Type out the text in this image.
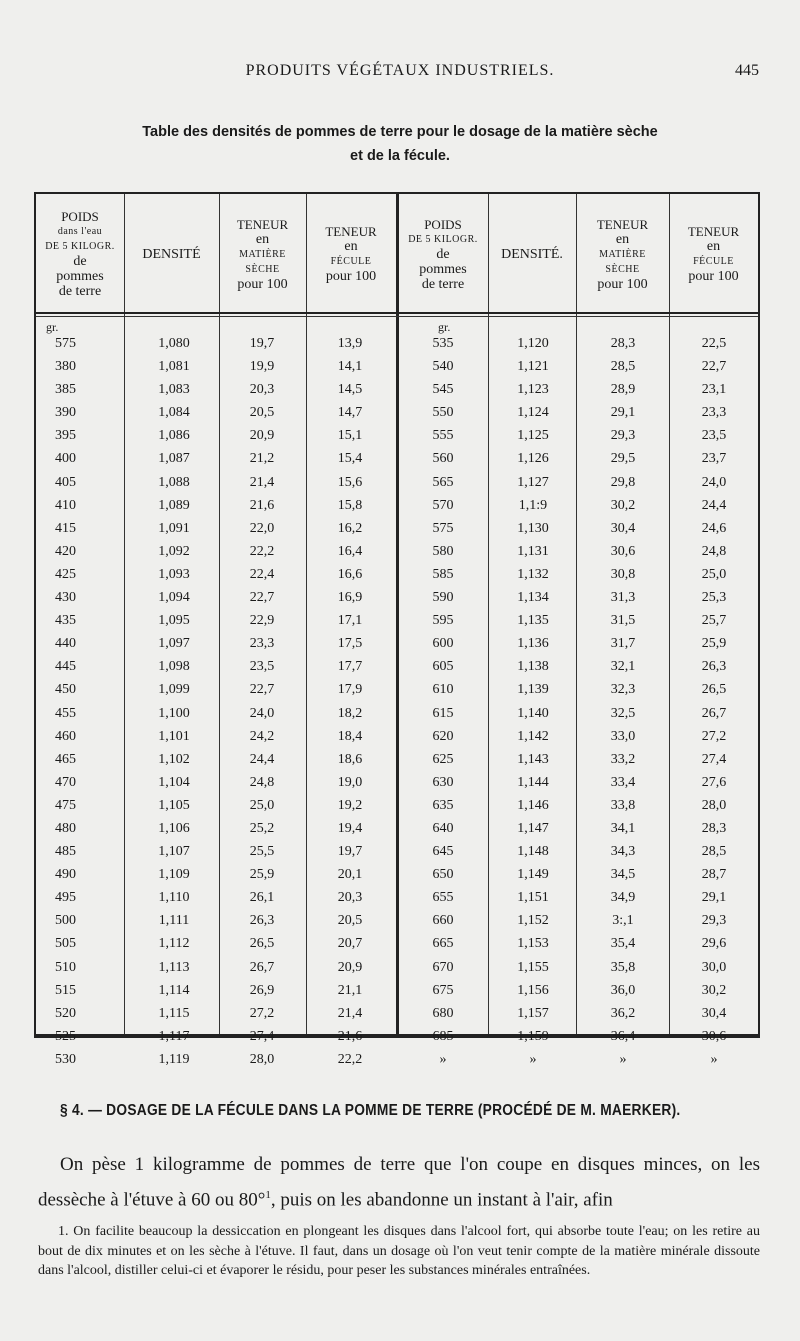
PRODUITS VÉGÉTAUX INDUSTRIELS.	445
Table des densités de pommes de terre pour le dosage de la matière sèche
et de la fécule.
POIDS
dans l'eau
DE 5 KILOGR.
de
pommes
de terre
DENSITÉ
TENEUR
en
MATIÈRE
SÈCHE
pour 100
TENEUR
en
FÉCULE
pour 100
POIDS
DE 5 KILOGR.
de
pommes
de terre
DENSITÉ.
TENEUR
en
MATIÈRE
SÈCHE
pour 100
TENEUR
en
FÉCULE
pour 100
gr.	gr.
575
380
385
390
395
400
405
410
415
420
425
430
435
440
445
450
455
460
465
470
475
480
485
490
495
500
505
510
515
520
525
530
1,080
1,081
1,083
1,084
1,086
1,087
1,088
1,089
1,091
1,092
1,093
1,094
1,095
1,097
1,098
1,099
1,100
1,101
1,102
1,104
1,105
1,106
1,107
1,109
1,110
1,111
1,112
1,113
1,114
1,115
1,117
1,119
19,7
19,9
20,3
20,5
20,9
21,2
21,4
21,6
22,0
22,2
22,4
22,7
22,9
23,3
23,5
22,7
24,0
24,2
24,4
24,8
25,0
25,2
25,5
25,9
26,1
26,3
26,5
26,7
26,9
27,2
27,4
28,0
13,9
14,1
14,5
14,7
15,1
15,4
15,6
15,8
16,2
16,4
16,6
16,9
17,1
17,5
17,7
17,9
18,2
18,4
18,6
19,0
19,2
19,4
19,7
20,1
20,3
20,5
20,7
20,9
21,1
21,4
21,6
22,2
535
540
545
550
555
560
565
570
575
580
585
590
595
600
605
610
615
620
625
630
635
640
645
650
655
660
665
670
675
680
685
»
1,120
1,121
1,123
1,124
1,125
1,126
1,127
1,1:9
1,130
1,131
1,132
1,134
1,135
1,136
1,138
1,139
1,140
1,142
1,143
1,144
1,146
1,147
1,148
1,149
1,151
1,152
1,153
1,155
1,156
1,157
1,159
»
28,3
28,5
28,9
29,1
29,3
29,5
29,8
30,2
30,4
30,6
30,8
31,3
31,5
31,7
32,1
32,3
32,5
33,0
33,2
33,4
33,8
34,1
34,3
34,5
34,9
3:,1
35,4
35,8
36,0
36,2
36,4
»
22,5
22,7
23,1
23,3
23,5
23,7
24,0
24,4
24,6
24,8
25,0
25,3
25,7
25,9
26,3
26,5
26,7
27,2
27,4
27,6
28,0
28,3
28,5
28,7
29,1
29,3
29,6
30,0
30,2
30,4
30,6
»
§ 4. — DOSAGE DE LA FÉCULE DANS LA POMME DE TERRE (PROCÉDÉ DE M. MAERKER).

On pèse 1 kilogramme de pommes de terre que l'on coupe en disques minces, on les dessèche à l'étuve à 60 ou 80°$^1$, puis on les abandonne un instant à l'air, afin

1. On facilite beaucoup la dessiccation en plongeant les disques dans l'alcool fort, qui absorbe toute l'eau; on les retire au bout de dix minutes et on les sèche à l'étuve. Il faut, dans un dosage où l'on veut tenir compte de la matière minérale dissoute dans l'alcool, distiller celui-ci et évaporer le résidu, pour peser les substances minérales entraînées.
